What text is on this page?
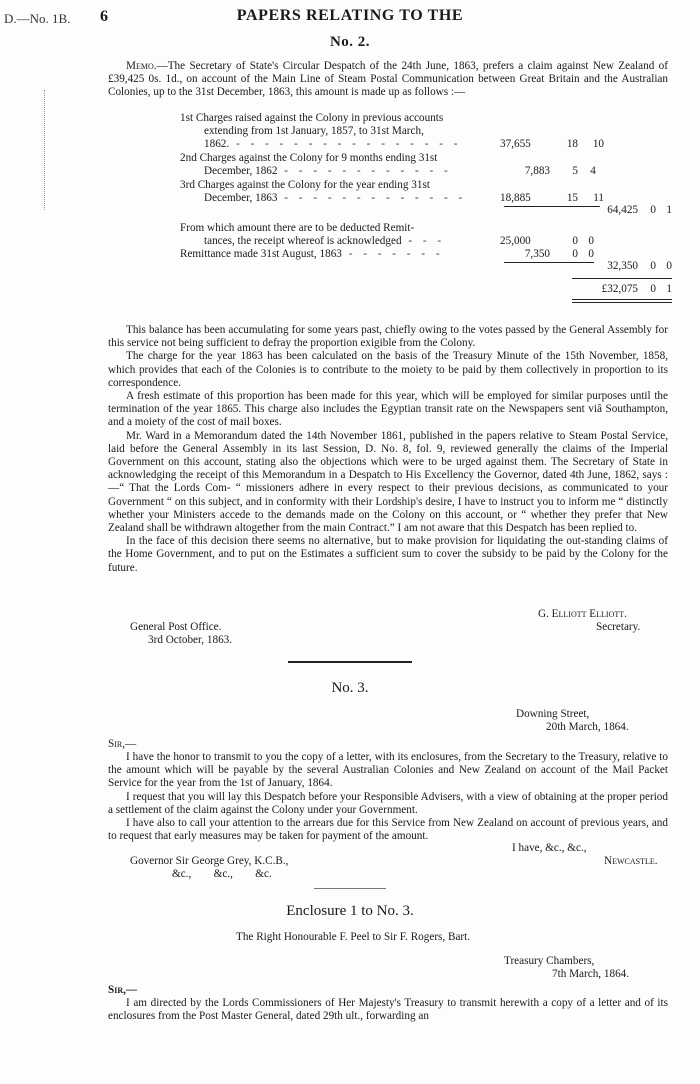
D.—No. 1B. 6	PAPERS RELATING TO THE
No. 2.

Memo.—The Secretary of State's Circular Despatch of the 24th June, 1863, prefers a claim against New Zealand of £39,425 0s. 1d., on account of the Main Line of Steam Postal Communication between Great Britain and the Australian Colonies, up to the 31st December, 1863, this amount is made up as follows :—

1st Charges raised against the Colony in previous accounts
extending from 1st January, 1857, to 31st March,
1862. - - - - - - - - - - - - - - - -	37,655	18	10
2nd Charges against the Colony for 9 months ending 31st
December, 1862 - - - - - - - - - - - -	7,883	5	4
3rd Charges against the Colony for the year ending 31st
December, 1863 - - - - - - - - - - - - -	18,885	15	11
64,425	0 1
From which amount there are to be deducted Remit-
tances, the receipt whereof is acknowledged - - -	25,000	0 0
Remittance made 31st August, 1863 - - - - - - -	7,350	0 0
32,350	0 0
£32,075	0 1

This balance has been accumulating for some years past, chiefly owing to the votes passed by the General Assembly for this service not being sufficient to defray the proportion exigible from the Colony.

The charge for the year 1863 has been calculated on the basis of the Treasury Minute of the 15th November, 1858, which provides that each of the Colonies is to contribute to the moiety to be paid by them collectively in proportion to its correspondence.

A fresh estimate of this proportion has been made for this year, which will be employed for similar purposes until the termination of the year 1865. This charge also includes the Egyptian transit rate on the Newspapers sent viâ Southampton, and a moiety of the cost of mail boxes.

Mr. Ward in a Memorandum dated the 14th November 1861, published in the papers relative to Steam Postal Service, laid before the General Assembly in its last Session, D. No. 8, fol. 9, reviewed generally the claims of the Imperial Government on this account, stating also the objections which were to be urged against them. The Secretary of State in acknowledging the receipt of this Memorandum in a Despatch to His Excellency the Governor, dated 4th June, 1862, says :—“ That the Lords Com- “ missioners adhere in every respect to their previous decisions, as communicated to your Government “ on this subject, and in conformity with their Lordship's desire, I have to instruct you to inform me “ distinctly whether your Ministers accede to the demands made on the Colony on this account, or “ whether they prefer that New Zealand shall be withdrawn altogether from the main Contract.” I am not aware that this Despatch has been replied to.

In the face of this decision there seems no alternative, but to make provision for liquidating the out-standing claims of the Home Government, and to put on the Estimates a sufficient sum to cover the subsidy to be paid by the Colony for the future.

G. Elliott Elliott.
Secretary.
General Post Office.
3rd October, 1863.
No. 3.
Downing Street,
20th March, 1864.
Sir,—

I have the honor to transmit to you the copy of a letter, with its enclosures, from the Secretary to the Treasury, relative to the amount which will be payable by the several Australian Colonies and New Zealand on account of the Mail Packet Service for the year from the 1st of January, 1864.

I request that you will lay this Despatch before your Responsible Advisers, with a view of obtaining at the proper period a settlement of the claim against the Colony under your Government.

I have also to call your attention to the arrears due for this Service from New Zealand on account of previous years, and to request that early measures may be taken for payment of the amount.

I have, &c., &c.,
Newcastle.
Governor Sir George Grey, K.C.B.,
&c.,        &c.,        &c.
Enclosure 1 to No. 3.
The Right Honourable F. Peel to Sir F. Rogers, Bart.
Treasury Chambers,
7th March, 1864.
Sir,—

I am directed by the Lords Commissioners of Her Majesty's Treasury to transmit herewith a copy of a letter and of its enclosures from the Post Master General, dated 29th ult., forwarding an
